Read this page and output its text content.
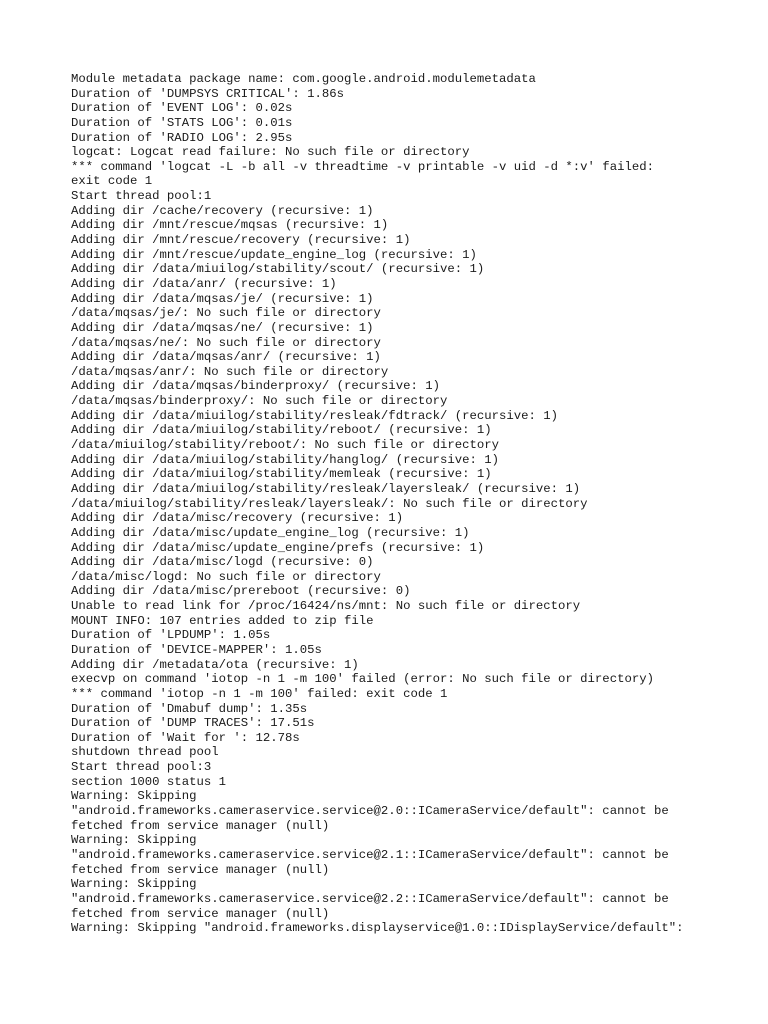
Module metadata package name: com.google.android.modulemetadata
Duration of 'DUMPSYS CRITICAL': 1.86s
Duration of 'EVENT LOG': 0.02s
Duration of 'STATS LOG': 0.01s
Duration of 'RADIO LOG': 2.95s
logcat: Logcat read failure: No such file or directory
*** command 'logcat -L -b all -v threadtime -v printable -v uid -d *:v' failed:
exit code 1
Start thread pool:1
Adding dir /cache/recovery (recursive: 1)
Adding dir /mnt/rescue/mqsas (recursive: 1)
Adding dir /mnt/rescue/recovery (recursive: 1)
Adding dir /mnt/rescue/update_engine_log (recursive: 1)
Adding dir /data/miuilog/stability/scout/ (recursive: 1)
Adding dir /data/anr/ (recursive: 1)
Adding dir /data/mqsas/je/ (recursive: 1)
/data/mqsas/je/: No such file or directory
Adding dir /data/mqsas/ne/ (recursive: 1)
/data/mqsas/ne/: No such file or directory
Adding dir /data/mqsas/anr/ (recursive: 1)
/data/mqsas/anr/: No such file or directory
Adding dir /data/mqsas/binderproxy/ (recursive: 1)
/data/mqsas/binderproxy/: No such file or directory
Adding dir /data/miuilog/stability/resleak/fdtrack/ (recursive: 1)
Adding dir /data/miuilog/stability/reboot/ (recursive: 1)
/data/miuilog/stability/reboot/: No such file or directory
Adding dir /data/miuilog/stability/hanglog/ (recursive: 1)
Adding dir /data/miuilog/stability/memleak (recursive: 1)
Adding dir /data/miuilog/stability/resleak/layersleak/ (recursive: 1)
/data/miuilog/stability/resleak/layersleak/: No such file or directory
Adding dir /data/misc/recovery (recursive: 1)
Adding dir /data/misc/update_engine_log (recursive: 1)
Adding dir /data/misc/update_engine/prefs (recursive: 1)
Adding dir /data/misc/logd (recursive: 0)
/data/misc/logd: No such file or directory
Adding dir /data/misc/prereboot (recursive: 0)
Unable to read link for /proc/16424/ns/mnt: No such file or directory
MOUNT INFO: 107 entries added to zip file
Duration of 'LPDUMP': 1.05s
Duration of 'DEVICE-MAPPER': 1.05s
Adding dir /metadata/ota (recursive: 1)
execvp on command 'iotop -n 1 -m 100' failed (error: No such file or directory)
*** command 'iotop -n 1 -m 100' failed: exit code 1
Duration of 'Dmabuf dump': 1.35s
Duration of 'DUMP TRACES': 17.51s
Duration of 'Wait for ': 12.78s
shutdown thread pool
Start thread pool:3
section 1000 status 1
Warning: Skipping
"android.frameworks.cameraservice.service@2.0::ICameraService/default": cannot be
fetched from service manager (null)
Warning: Skipping
"android.frameworks.cameraservice.service@2.1::ICameraService/default": cannot be
fetched from service manager (null)
Warning: Skipping
"android.frameworks.cameraservice.service@2.2::ICameraService/default": cannot be
fetched from service manager (null)
Warning: Skipping "android.frameworks.displayservice@1.0::IDisplayService/default":
